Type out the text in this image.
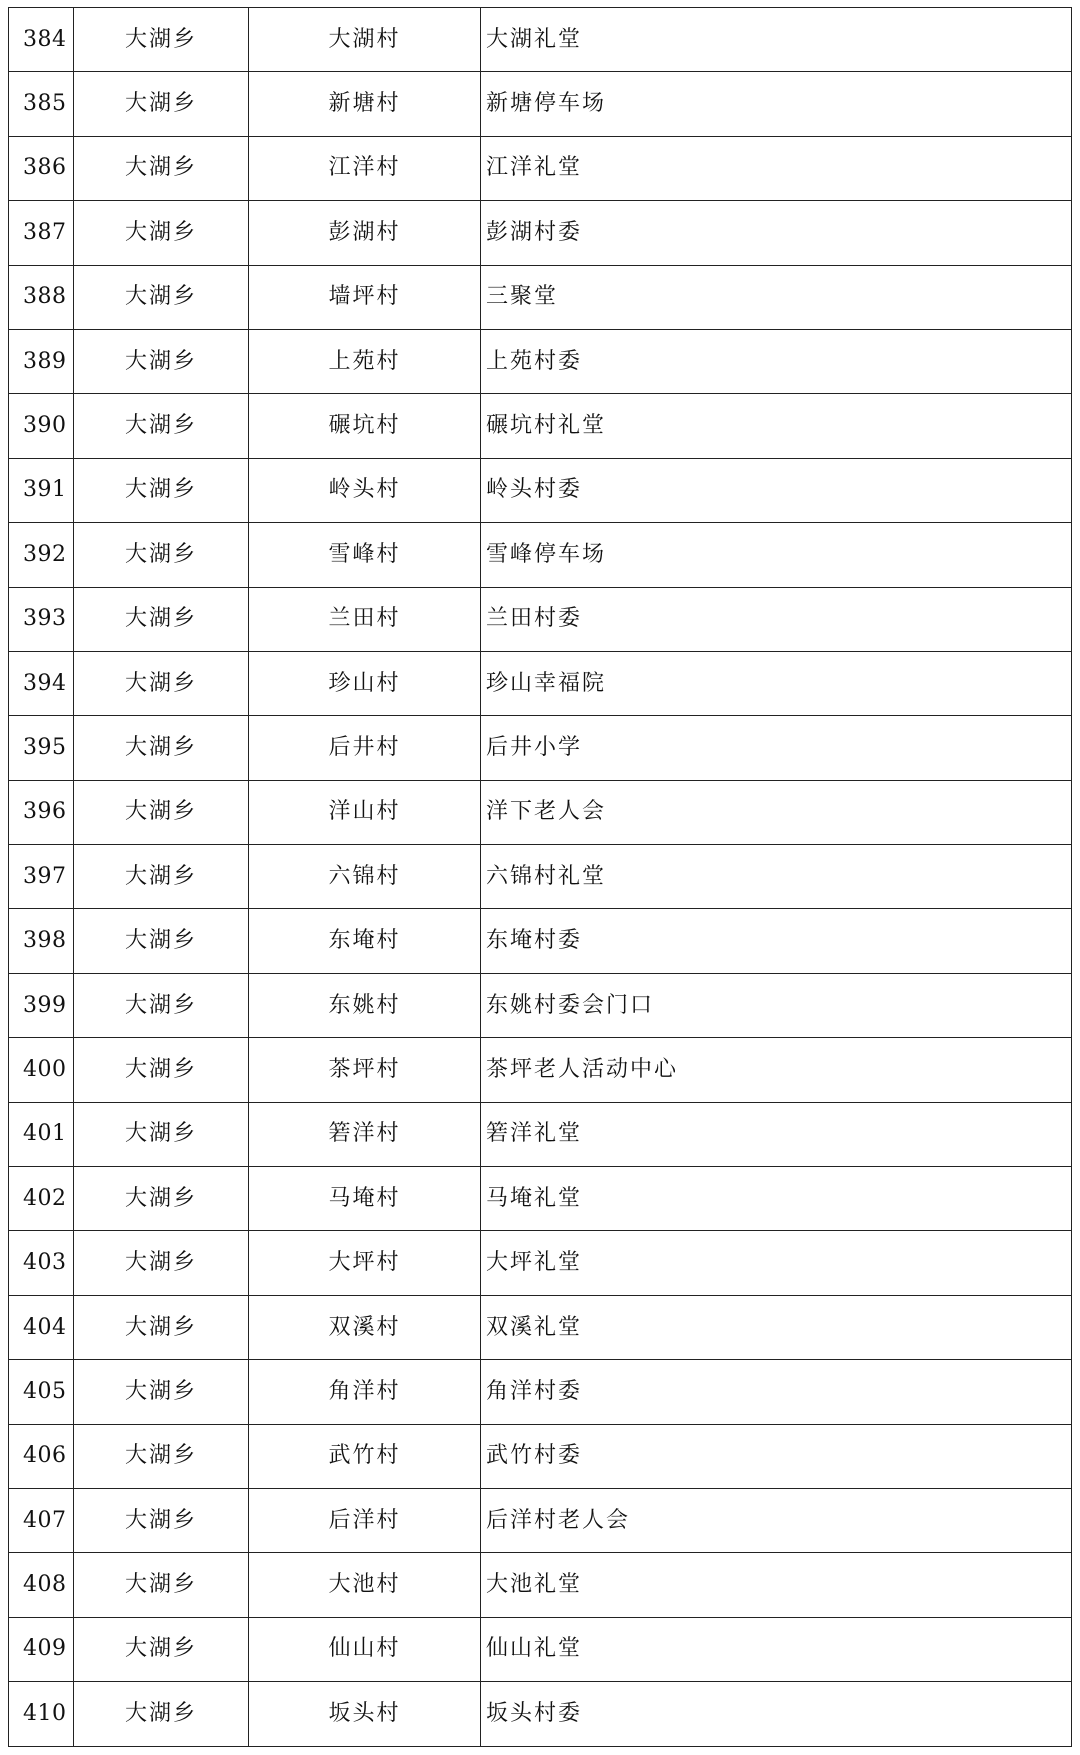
384	大湖乡	大湖村	大湖礼堂
385	大湖乡	新塘村	新塘停车场
386	大湖乡	江洋村	江洋礼堂
387	大湖乡	彭湖村	彭湖村委
388	大湖乡	墙坪村	三聚堂
389	大湖乡	上苑村	上苑村委
390	大湖乡	碾坑村	碾坑村礼堂
391	大湖乡	岭头村	岭头村委
392	大湖乡	雪峰村	雪峰停车场
393	大湖乡	兰田村	兰田村委
394	大湖乡	珍山村	珍山幸福院
395	大湖乡	后井村	后井小学
396	大湖乡	洋山村	洋下老人会
397	大湖乡	六锦村	六锦村礼堂
398	大湖乡	东埯村	东埯村委
399	大湖乡	东姚村	东姚村委会门口
400	大湖乡	茶坪村	茶坪老人活动中心
401	大湖乡	箬洋村	箬洋礼堂
402	大湖乡	马埯村	马埯礼堂
403	大湖乡	大坪村	大坪礼堂
404	大湖乡	双溪村	双溪礼堂
405	大湖乡	角洋村	角洋村委
406	大湖乡	武竹村	武竹村委
407	大湖乡	后洋村	后洋村老人会
408	大湖乡	大池村	大池礼堂
409	大湖乡	仙山村	仙山礼堂
410	大湖乡	坂头村	坂头村委
